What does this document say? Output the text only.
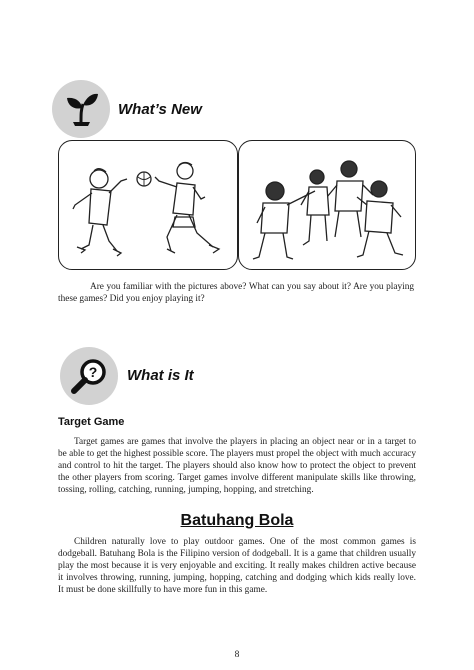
What’s New
Are you familiar with the pictures above? What can you say about it? Are you playing these games? Did you enjoy playing it?
? What is It
Target Game
Target games are games that involve the players in placing an object near or in a target to be able to get the highest possible score. The players must propel the object with much accuracy and control to hit the target. The players should also know how to protect the object to prevent the other players from scoring. Target games involve different manipulate skills like throwing, tossing, rolling, catching, running, jumping, hopping, and stretching.
Batuhang Bola
Children naturally love to play outdoor games. One of the most common games is dodgeball. Batuhang Bola is the Filipino version of dodgeball. It is a game that children usually play the most because it is very enjoyable and exciting. It really makes children active because it involves throwing, running, jumping, hopping, catching and dodging which kids really love. It must be done skillfully to have more fun in this game.
8
